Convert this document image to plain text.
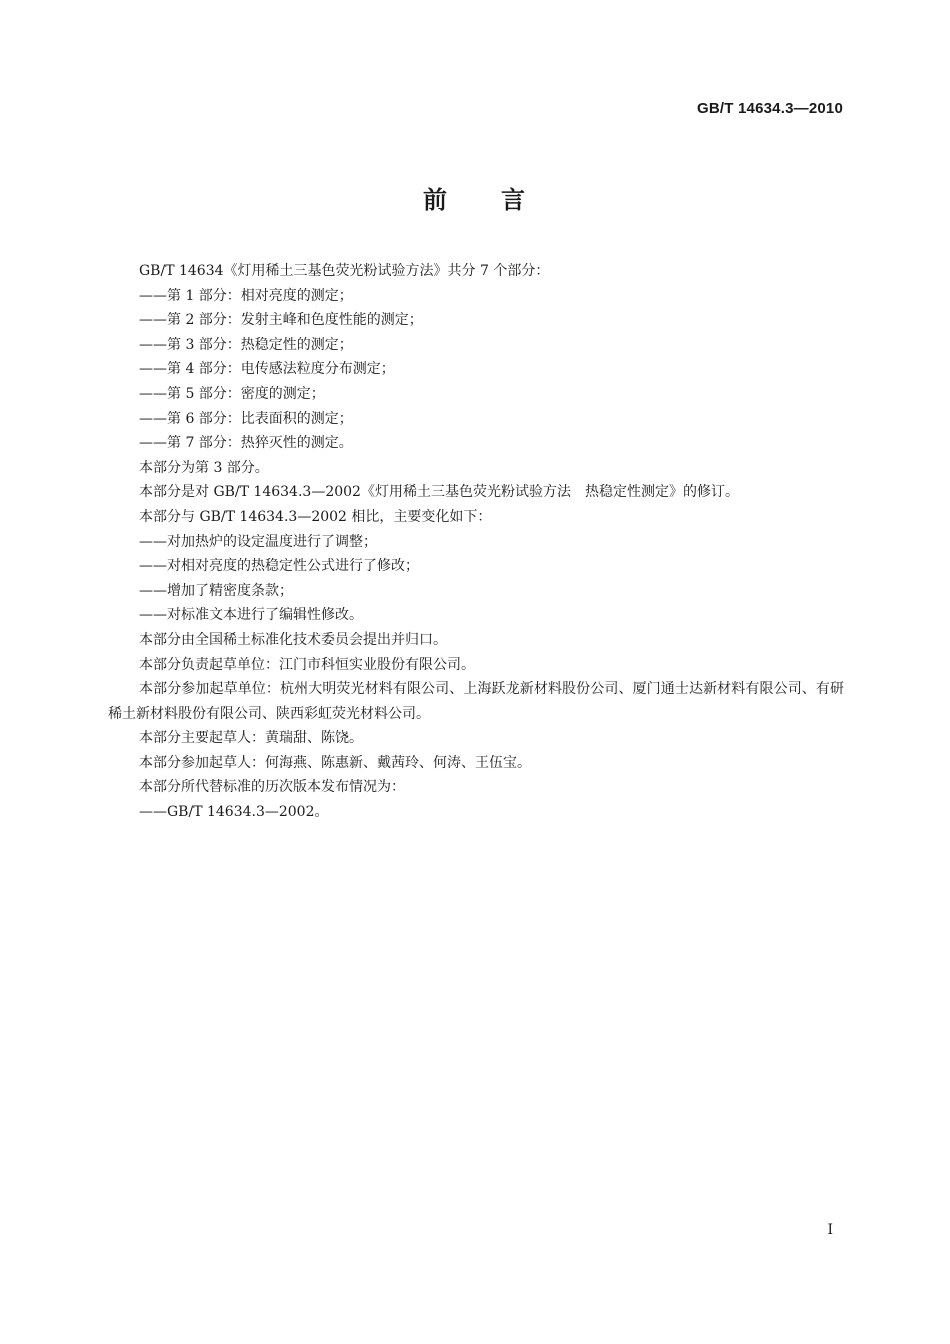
GB/T 14634.3—2010
前 言

GB/T 14634《灯用稀土三基色荧光粉试验方法》共分 7 个部分：

——第 1 部分：相对亮度的测定；

——第 2 部分：发射主峰和色度性能的测定；

——第 3 部分：热稳定性的测定；

——第 4 部分：电传感法粒度分布测定；

——第 5 部分：密度的测定；

——第 6 部分：比表面积的测定；

——第 7 部分：热猝灭性的测定。

本部分为第 3 部分。

本部分是对 GB/T 14634.3—2002《灯用稀土三基色荧光粉试验方法　热稳定性测定》的修订。

本部分与 GB/T 14634.3—2002 相比，主要变化如下：

——对加热炉的设定温度进行了调整；

——对相对亮度的热稳定性公式进行了修改；

——增加了精密度条款；

——对标准文本进行了编辑性修改。

本部分由全国稀土标准化技术委员会提出并归口。

本部分负责起草单位：江门市科恒实业股份有限公司。

本部分参加起草单位：杭州大明荧光材料有限公司、上海跃龙新材料股份公司、厦门通士达新材料有限公司、有研稀土新材料股份有限公司、陕西彩虹荧光材料公司。

本部分主要起草人：黄瑞甜、陈饶。

本部分参加起草人：何海燕、陈惠新、戴茜玲、何涛、王伍宝。

本部分所代替标准的历次版本发布情况为：

——GB/T 14634.3—2002。

I
